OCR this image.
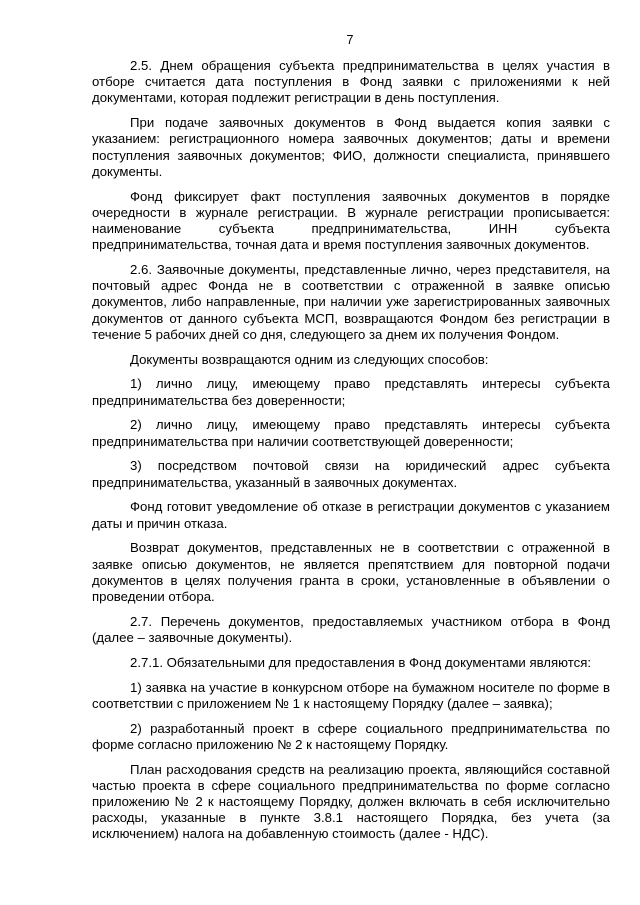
7

2.5. Днем обращения субъекта предпринимательства в целях участия в отборе считается дата поступления в Фонд заявки с приложениями к ней документами, которая подлежит регистрации в день поступления.

При подаче заявочных документов в Фонд выдается копия заявки с указанием: регистрационного номера заявочных документов; даты и времени поступления заявочных документов; ФИО, должности специалиста, принявшего документы.

Фонд фиксирует факт поступления заявочных документов в порядке очередности в журнале регистрации. В журнале регистрации прописывается: наименование субъекта предпринимательства, ИНН субъекта предпринимательства, точная дата и время поступления заявочных документов.

2.6. Заявочные документы, представленные лично, через представителя, на почтовый адрес Фонда не в соответствии с отраженной в заявке описью документов, либо направленные, при наличии уже зарегистрированных заявочных документов от данного субъекта МСП, возвращаются Фондом без регистрации в течение 5 рабочих дней со дня, следующего за днем их получения Фондом.

Документы возвращаются одним из следующих способов:

1) лично лицу, имеющему право представлять интересы субъекта предпринимательства без доверенности;

2) лично лицу, имеющему право представлять интересы субъекта предпринимательства при наличии соответствующей доверенности;

3) посредством почтовой связи на юридический адрес субъекта предпринимательства, указанный в заявочных документах.

Фонд готовит уведомление об отказе в регистрации документов с указанием даты и причин отказа.

Возврат документов, представленных не в соответствии с отраженной в заявке описью документов, не является препятствием для повторной подачи документов в целях получения гранта в сроки, установленные в объявлении о проведении отбора.

2.7. Перечень документов, предоставляемых участником отбора в Фонд (далее – заявочные документы).

2.7.1. Обязательными для предоставления в Фонд документами являются:

1) заявка на участие в конкурсном отборе на бумажном носителе по форме в соответствии с приложением № 1 к настоящему Порядку (далее – заявка);

2) разработанный проект в сфере социального предпринимательства по форме согласно приложению № 2 к настоящему Порядку.

План расходования средств на реализацию проекта, являющийся составной частью проекта в сфере социального предпринимательства по форме согласно приложению № 2 к настоящему Порядку, должен включать в себя исключительно расходы, указанные в пункте 3.8.1 настоящего Порядка, без учета (за исключением) налога на добавленную стоимость (далее - НДС).
